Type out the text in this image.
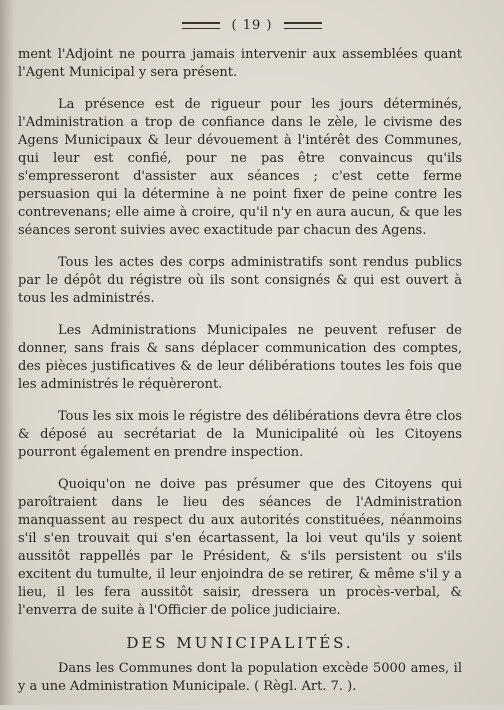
( 19 )

ment l'Adjoint ne pourra jamais intervenir aux assemblées quant l'Agent Municipal y sera présent.

La présence est de rigueur pour les jours déterminés, l'Administration a trop de confiance dans le zèle, le civisme des Agens Municipaux & leur dévouement à l'intérêt des Communes, qui leur est confié, pour ne pas être convaincus qu'ils s'empresseront d'assister aux séances ; c'est cette ferme persuasion qui la détermine à ne point fixer de peine contre les contrevenans; elle aime à croire, qu'il n'y en aura aucun, & que les séances seront suivies avec exactitude par chacun des Agens.

Tous les actes des corps administratifs sont rendus publics par le dépôt du régistre où ils sont consignés & qui est ouvert à tous les administrés.

Les Administrations Municipales ne peuvent refuser de donner, sans frais & sans déplacer communication des comptes, des pièces justificatives & de leur délibérations toutes les fois que les administrés le réquèreront.

Tous les six mois le régistre des délibérations devra être clos & déposé au secrétariat de la Municipalité où les Citoyens pourront également en prendre inspection.

Quoiqu'on ne doive pas présumer que des Citoyens qui paroîtraient dans le lieu des séances de l'Administration manquassent au respect du aux autorités constituées, néanmoins s'il s'en trouvait qui s'en écartassent, la loi veut qu'ils y soient aussitôt rappellés par le Président, & s'ils persistent ou s'ils excitent du tumulte, il leur enjoindra de se retirer, & même s'il y a lieu, il les fera aussitôt saisir, dressera un procès-verbal, & l'enverra de suite à l'Officier de police judiciaire.

DES MUNICIPALITÉS.

Dans les Communes dont la population excède 5000 ames, il y a une Administration Municipale. ( Règl. Art. 7. ).
